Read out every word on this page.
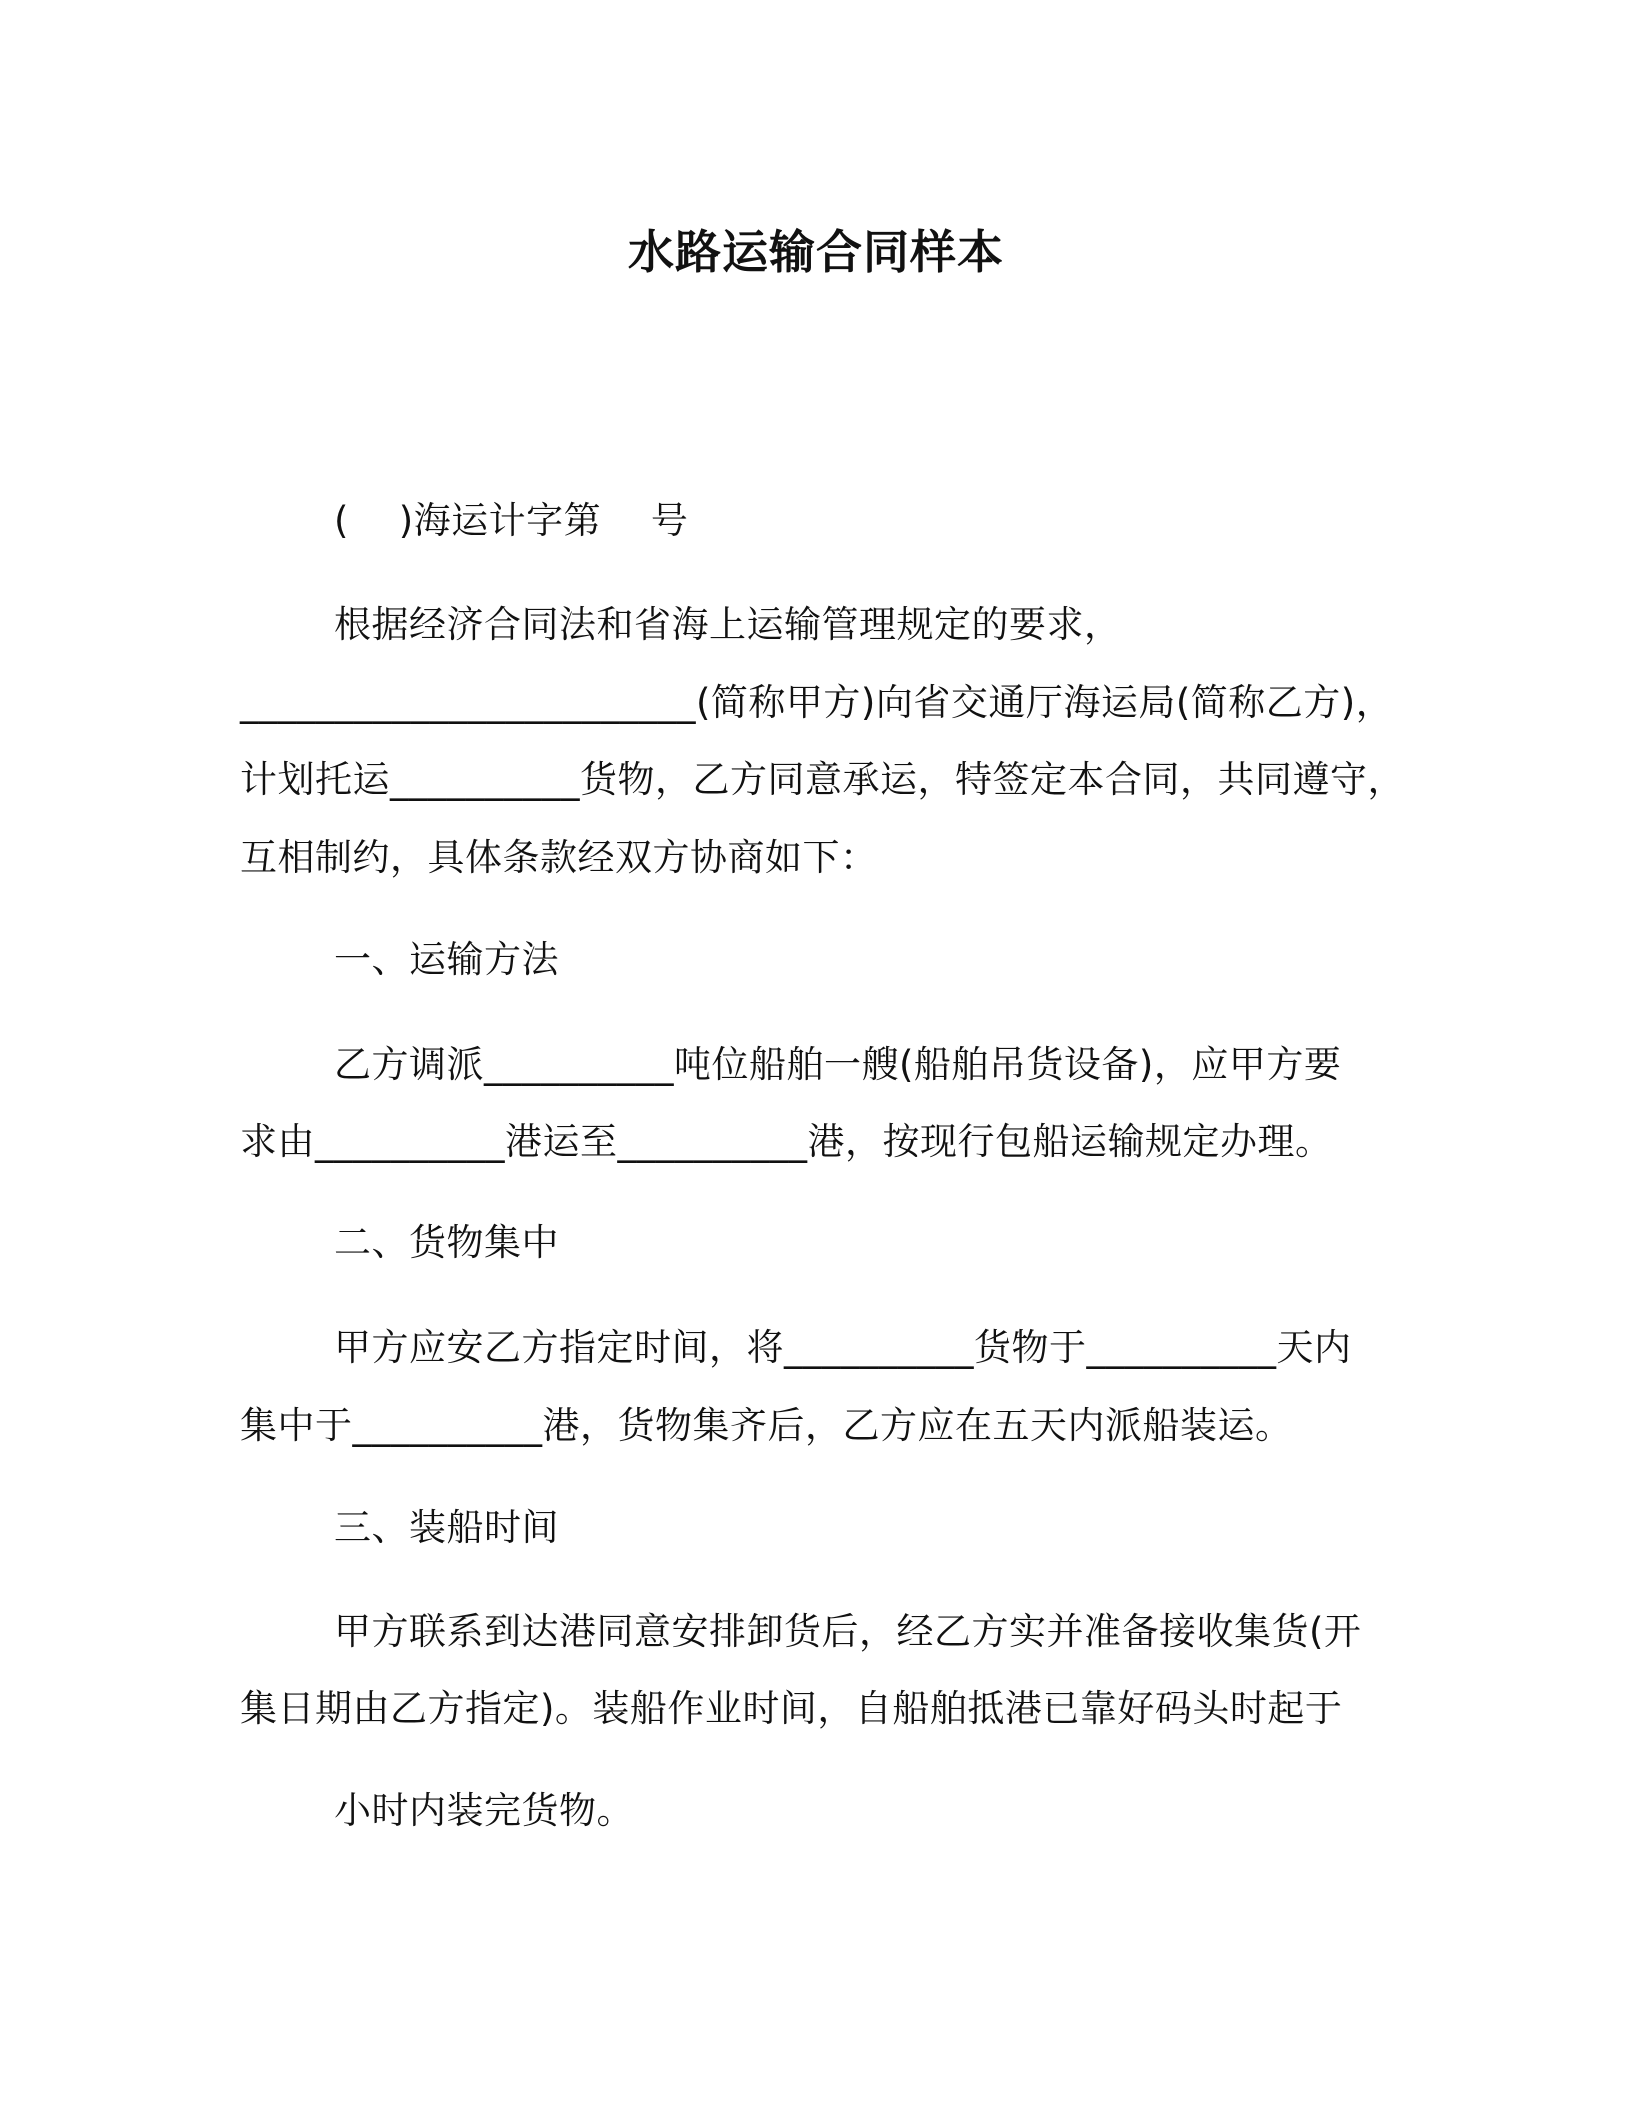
水路运输合同样本
(　 )海运计字第　 号
根据经济合同法和省海上运输管理规定的要求，
________________________(简称甲方)向省交通厅海运局(简称乙方)，
计划托运__________货物，乙方同意承运，特签定本合同，共同遵守，
互相制约，具体条款经双方协商如下：
一、运输方法
乙方调派__________吨位船舶一艘(船舶吊货设备)，应甲方要
求由__________港运至__________港，按现行包船运输规定办理。
二、货物集中
甲方应安乙方指定时间，将__________货物于__________天内
集中于__________港，货物集齐后，乙方应在五天内派船装运。
三、装船时间
甲方联系到达港同意安排卸货后，经乙方实并准备接收集货(开
集日期由乙方指定)。装船作业时间，自船舶抵港已靠好码头时起于
小时内装完货物。
